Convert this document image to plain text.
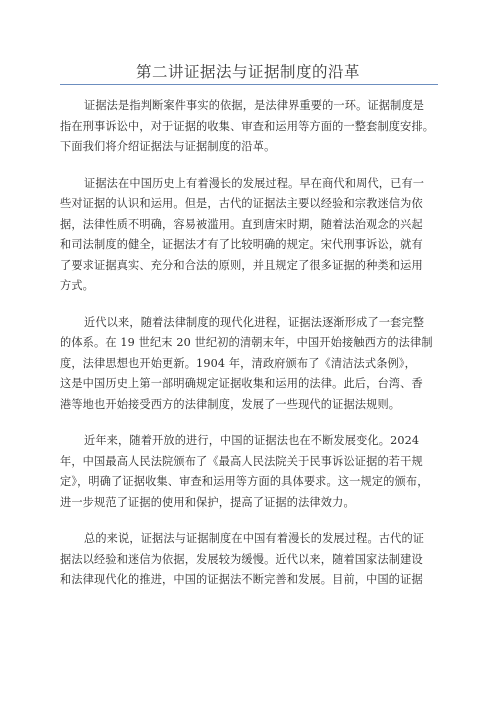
第二讲证据法与证据制度的沿革
证据法是指判断案件事实的依据，是法律界重要的一环。证据制度是
指在刑事诉讼中，对于证据的收集、审查和运用等方面的一整套制度安排。
下面我们将介绍证据法与证据制度的沿革。
证据法在中国历史上有着漫长的发展过程。早在商代和周代，已有一
些对证据的认识和运用。但是，古代的证据法主要以经验和宗教迷信为依
据，法律性质不明确，容易被滥用。直到唐宋时期，随着法治观念的兴起
和司法制度的健全，证据法才有了比较明确的规定。宋代刑事诉讼，就有
了要求证据真实、充分和合法的原则，并且规定了很多证据的种类和运用
方式。
近代以来，随着法律制度的现代化进程，证据法逐渐形成了一套完整
的体系。在 19 世纪末 20 世纪初的清朝末年，中国开始接触西方的法律制
度，法律思想也开始更新。1904 年，清政府颁布了《清洁法式条例》，
这是中国历史上第一部明确规定证据收集和运用的法律。此后，台湾、香
港等地也开始接受西方的法律制度，发展了一些现代的证据法规则。
近年来，随着开放的进行，中国的证据法也在不断发展变化。2024
年，中国最高人民法院颁布了《最高人民法院关于民事诉讼证据的若干规
定》，明确了证据收集、审查和运用等方面的具体要求。这一规定的颁布，
进一步规范了证据的使用和保护，提高了证据的法律效力。
总的来说，证据法与证据制度在中国有着漫长的发展过程。古代的证
据法以经验和迷信为依据，发展较为缓慢。近代以来，随着国家法制建设
和法律现代化的推进，中国的证据法不断完善和发展。目前，中国的证据
